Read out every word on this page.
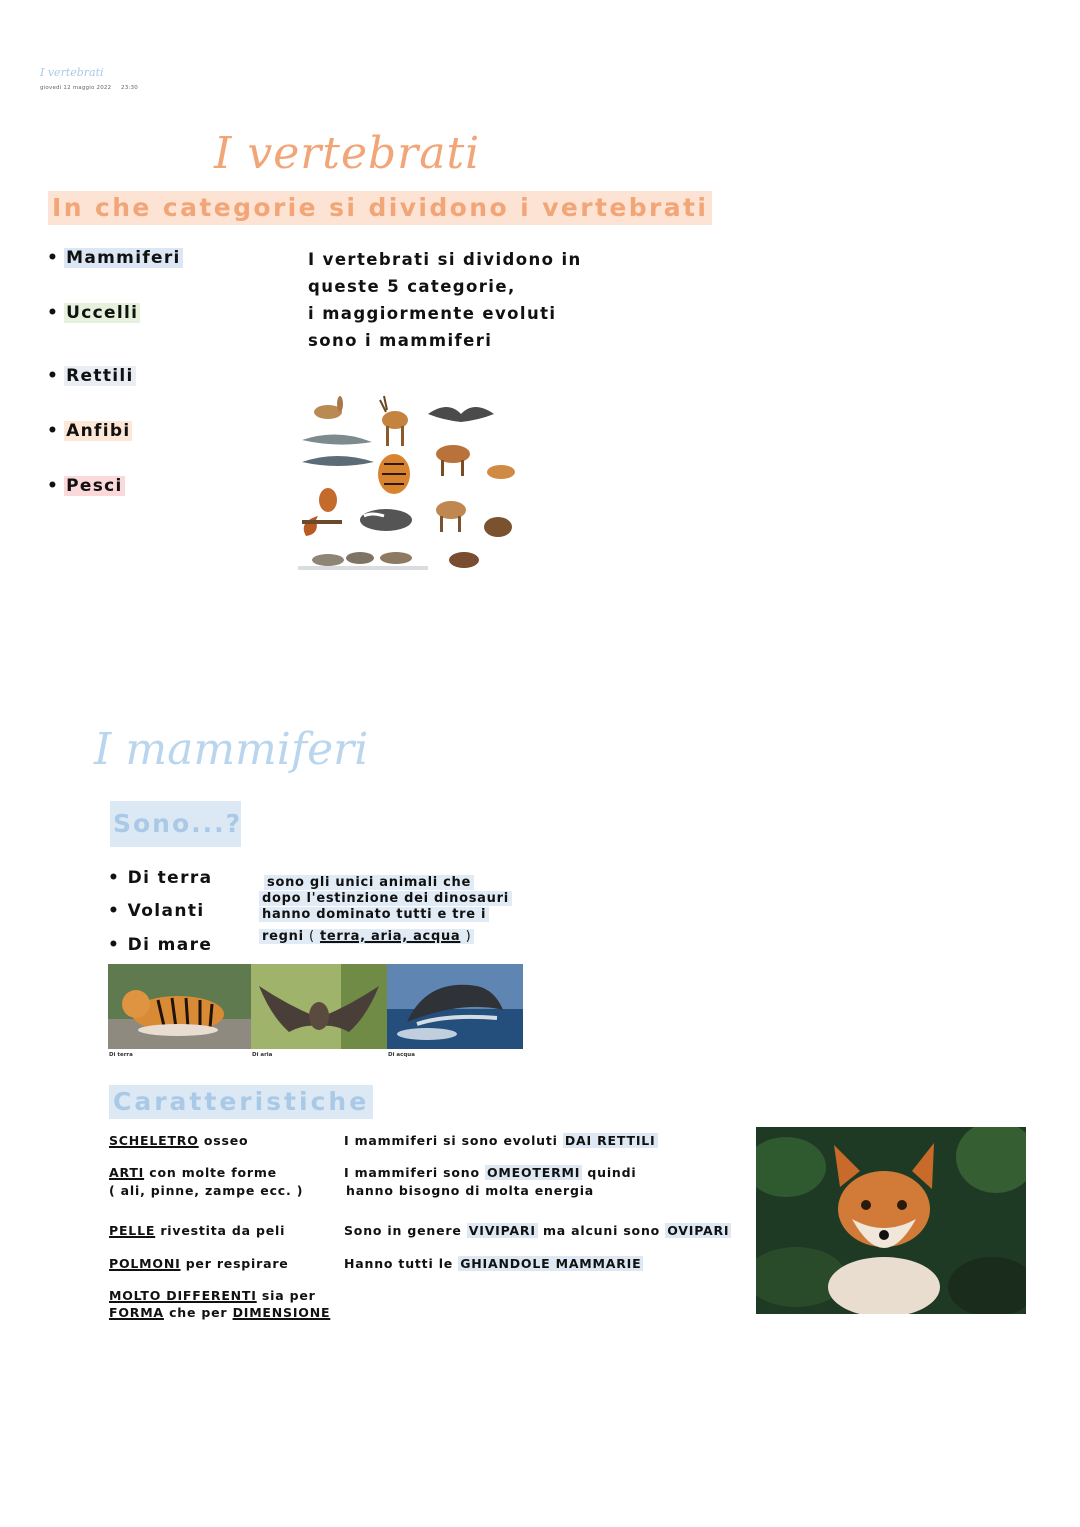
I vertebrati
giovedì 12 maggio 2022 23:30
I vertebrati
In che categorie si dividono i vertebrati
• Mammiferi
• Uccelli
• Rettili
• Anfibi
• Pesci
I vertebrati si dividono in
queste 5 categorie,
i maggiormente evoluti
sono i mammiferi
I mammiferi
Sono...?
• Di terra
• Volanti
• Di mare
sono gli unici animali che
dopo l'estinzione dei dinosauri
hanno dominato tutti e tre i
regni ( terra, aria, acqua )
Di terra	Di aria	Di acqua
Caratteristiche
SCHELETRO osseo
ARTI con molte forme
( ali, pinne, zampe ecc. )
PELLE rivestita da peli
POLMONI per respirare
MOLTO DIFFERENTI sia per
FORMA che per DIMENSIONE
I mammiferi si sono evoluti DAI RETTILI
I mammiferi sono OMEOTERMI quindi
hanno bisogno di molta energia
Sono in genere VIVIPARI ma alcuni sono OVIPARI
Hanno tutti le GHIANDOLE MAMMARIE
